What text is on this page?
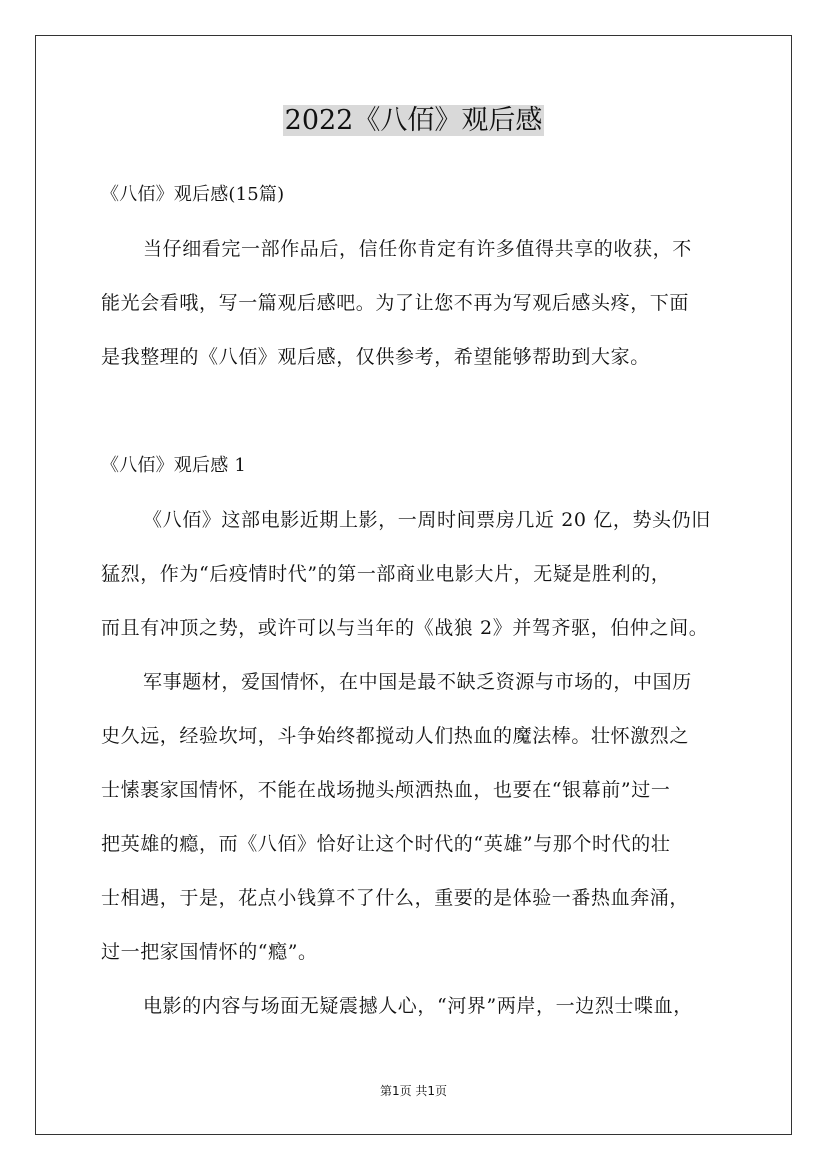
2022《八佰》观后感
《八佰》观后感(15篇)
当仔细看完一部作品后，信任你肯定有许多值得共享的收获，不
能光会看哦，写一篇观后感吧。为了让您不再为写观后感头疼，下面
是我整理的《八佰》观后感，仅供参考，希望能够帮助到大家。
《八佰》观后感 1
《八佰》这部电影近期上影，一周时间票房几近 20 亿，势头仍旧
猛烈，作为“后疫情时代”的第一部商业电影大片，无疑是胜利的，
而且有冲顶之势，或许可以与当年的《战狼 2》并驾齐驱，伯仲之间。
军事题材，爱国情怀，在中国是最不缺乏资源与市场的，中国历
史久远，经验坎坷，斗争始终都搅动人们热血的魔法棒。壮怀激烈之
士愫裹家国情怀，不能在战场抛头颅洒热血，也要在“银幕前”过一
把英雄的瘾，而《八佰》恰好让这个时代的“英雄”与那个时代的壮
士相遇，于是，花点小钱算不了什么，重要的是体验一番热血奔涌，
过一把家国情怀的“瘾”。
电影的内容与场面无疑震撼人心，“河界”两岸，一边烈士喋血，
第1页 共1页
